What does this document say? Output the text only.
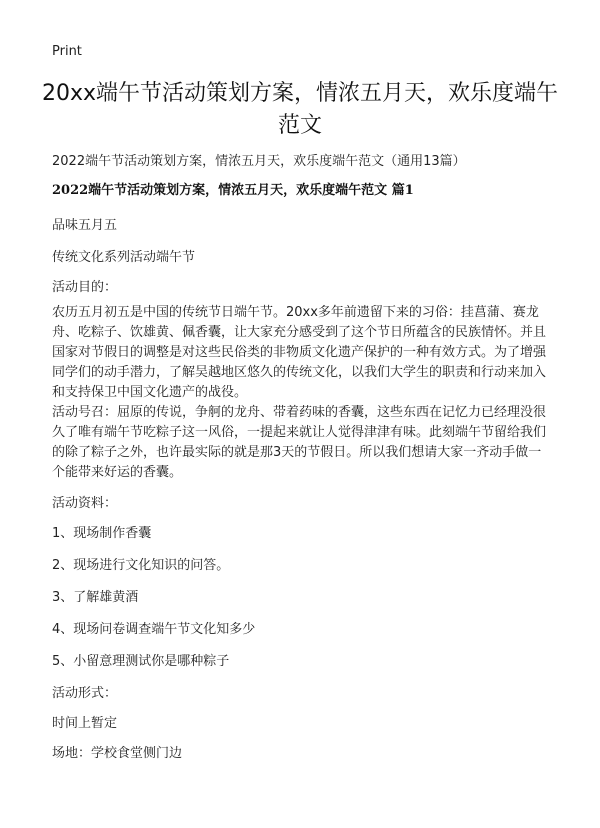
Print
20xx端午节活动策划方案，情浓五月天，欢乐度端午范文
2022端午节活动策划方案，情浓五月天，欢乐度端午范文（通用13篇）
2022端午节活动策划方案，情浓五月天，欢乐度端午范文 篇1
品味五月五
传统文化系列活动端午节
活动目的：

农历五月初五是中国的传统节日端午节。20xx多年前遗留下来的习俗：挂菖蒲、赛龙舟、吃粽子、饮雄黄、佩香囊，让大家充分感受到了这个节日所蕴含的民族情怀。并且国家对节假日的调整是对这些民俗类的非物质文化遗产保护的一种有效方式。为了增强同学们的动手潜力，了解吴越地区悠久的传统文化，以我们大学生的职责和行动来加入和支持保卫中国文化遗产的战役。

活动号召：屈原的传说，争舸的龙舟、带着药味的香囊，这些东西在记忆力已经理没很久了唯有端午节吃粽子这一风俗，一提起来就让人觉得津津有味。此刻端午节留给我们的除了粽子之外，也许最实际的就是那3天的节假日。所以我们想请大家一齐动手做一个能带来好运的香囊。

活动资料：
1、现场制作香囊
2、现场进行文化知识的问答。
3、了解雄黄酒
4、现场问卷调查端午节文化知多少
5、小留意理测试你是哪种粽子
活动形式：
时间上暂定
场地：学校食堂侧门边
